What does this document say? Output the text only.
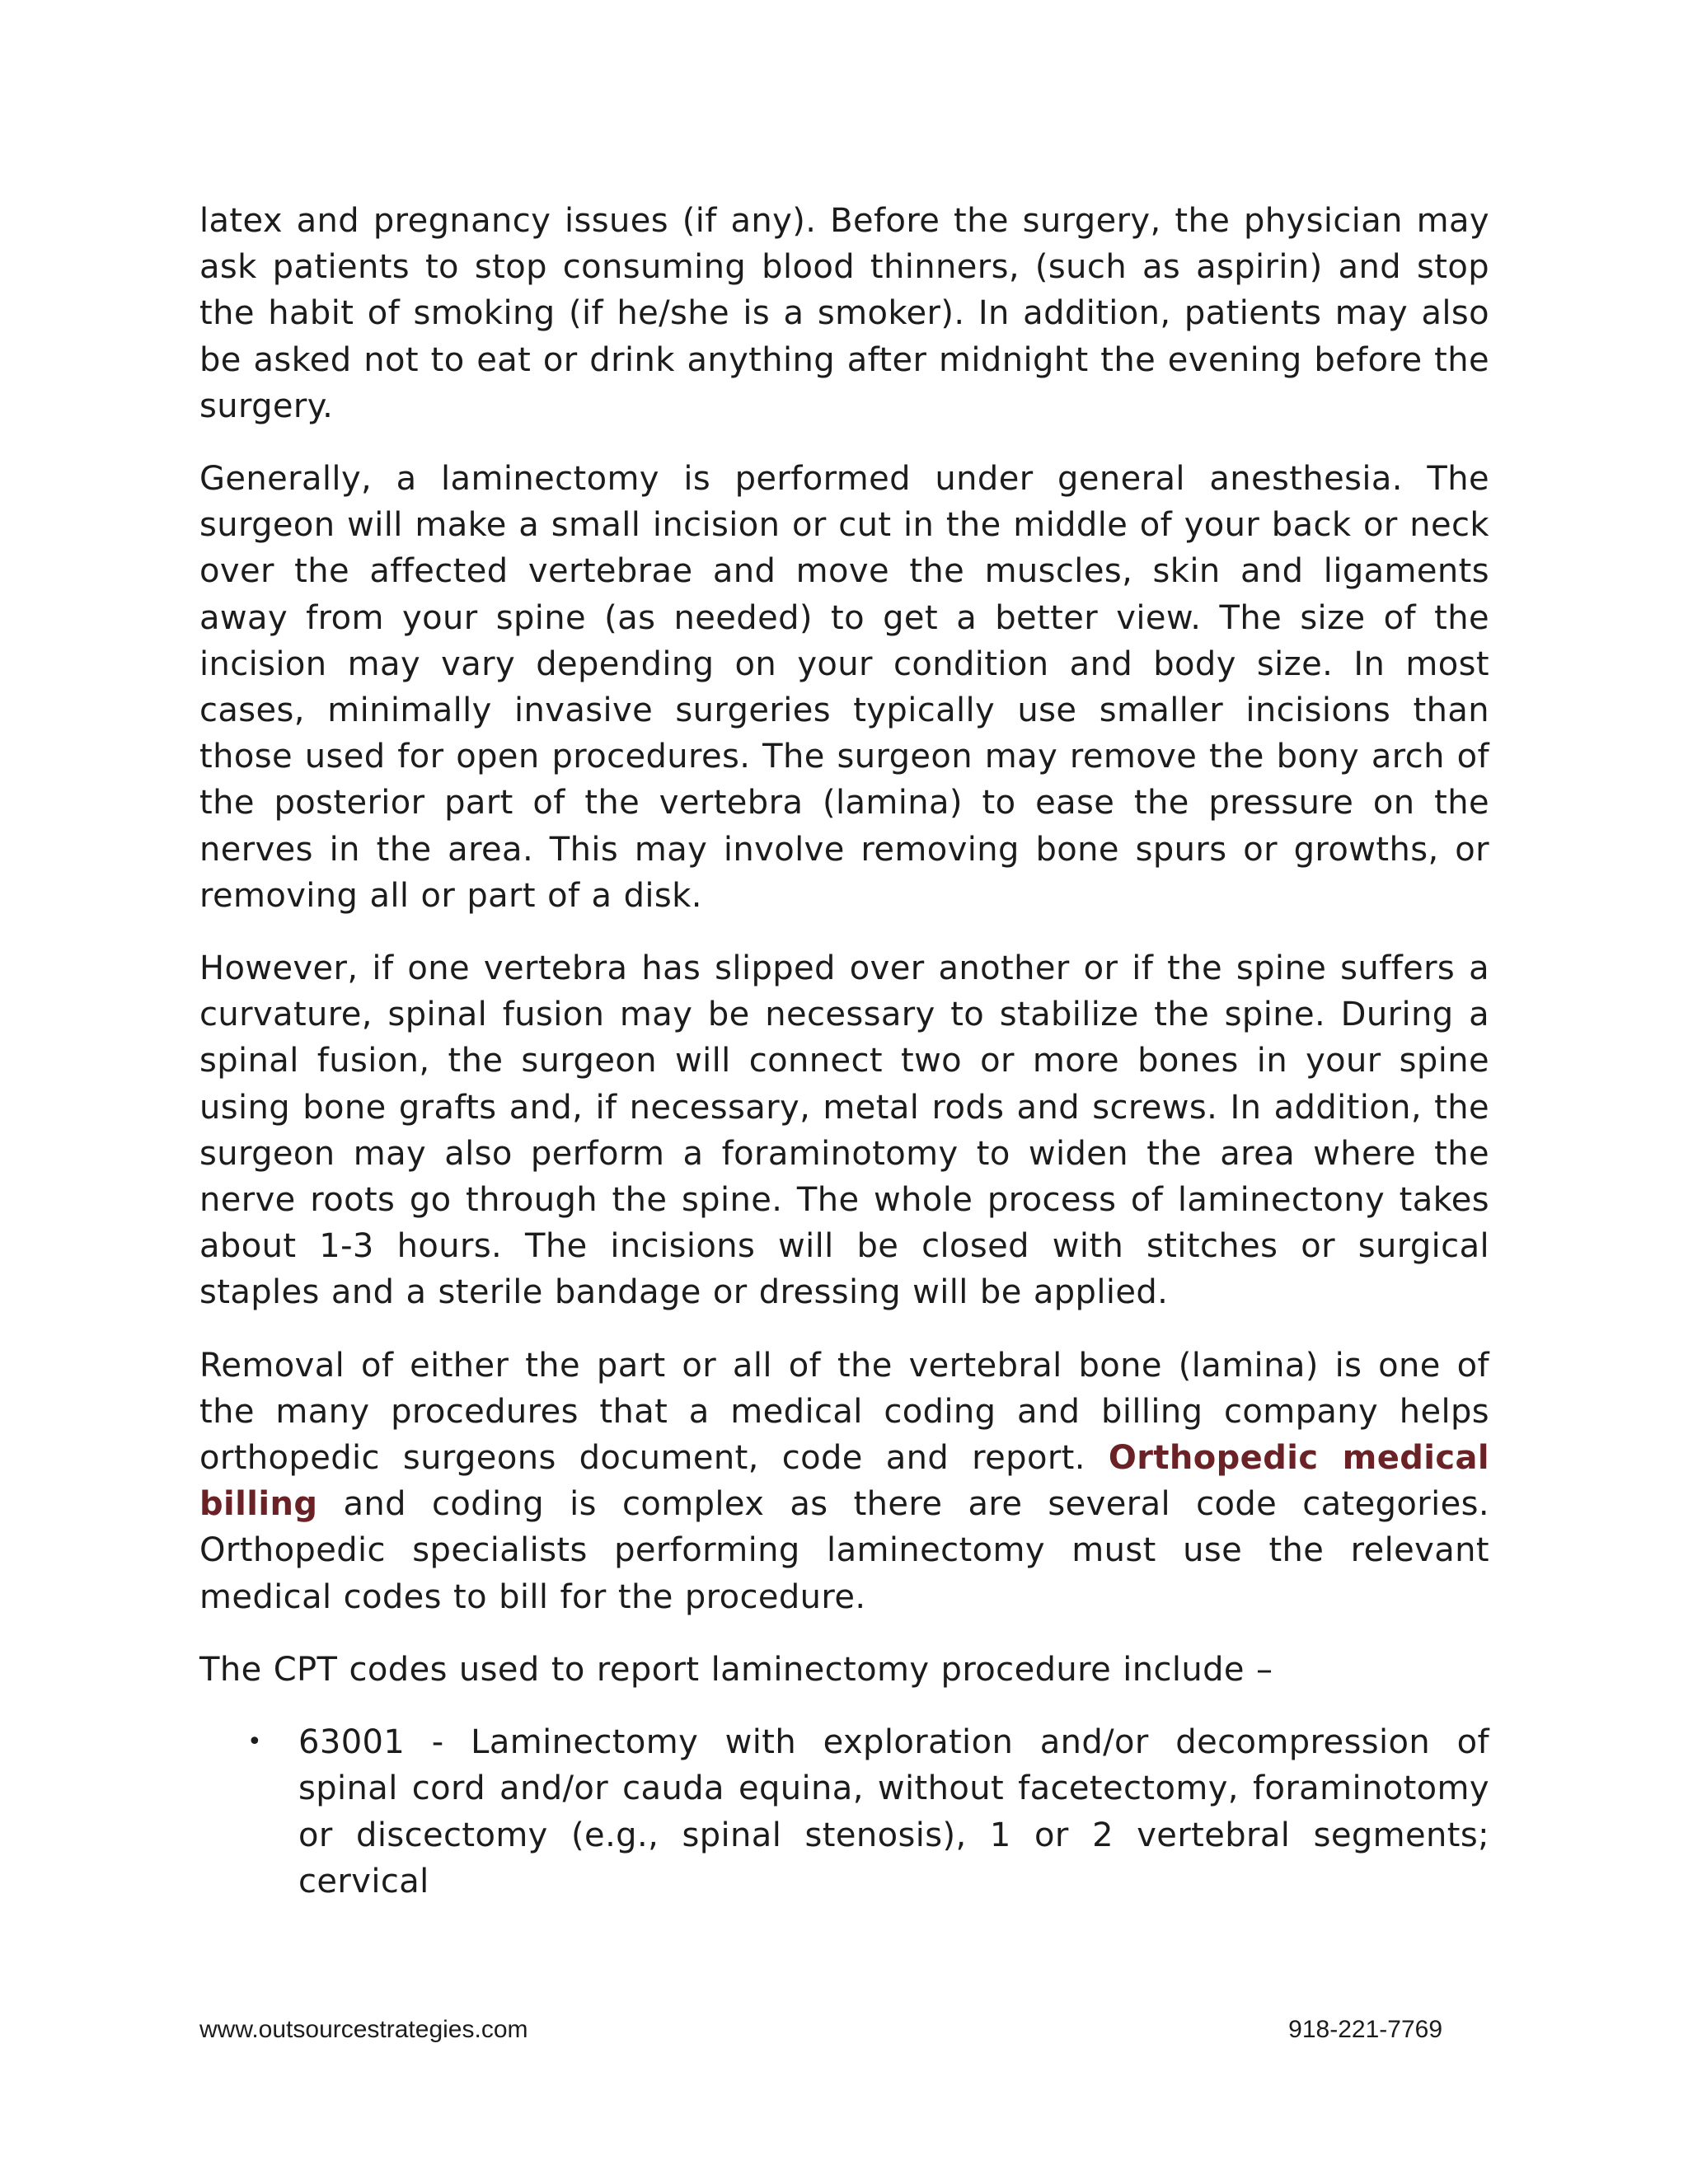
latex and pregnancy issues (if any). Before the surgery, the physician may ask patients to stop consuming blood thinners, (such as aspirin) and stop the habit of smoking (if he/she is a smoker). In addition, patients may also be asked not to eat or drink anything after midnight the evening before the surgery.

Generally, a laminectomy is performed under general anesthesia. The surgeon will make a small incision or cut in the middle of your back or neck over the affected vertebrae and move the muscles, skin and ligaments away from your spine (as needed) to get a better view. The size of the incision may vary depending on your condition and body size. In most cases, minimally invasive surgeries typically use smaller incisions than those used for open procedures. The surgeon may remove the bony arch of the posterior part of the vertebra (lamina) to ease the pressure on the nerves in the area. This may involve removing bone spurs or growths, or removing all or part of a disk.

However, if one vertebra has slipped over another or if the spine suffers a curvature, spinal fusion may be necessary to stabilize the spine. During a spinal fusion, the surgeon will connect two or more bones in your spine using bone grafts and, if necessary, metal rods and screws. In addition, the surgeon may also perform a foraminotomy to widen the area where the nerve roots go through the spine. The whole process of laminectony takes about 1-3 hours. The incisions will be closed with stitches or surgical staples and a sterile bandage or dressing will be applied.

Removal of either the part or all of the vertebral bone (lamina) is one of the many procedures that a medical coding and billing company helps orthopedic surgeons document, code and report. Orthopedic medical billing and coding is complex as there are several code categories. Orthopedic specialists performing laminectomy must use the relevant medical codes to bill for the procedure.

The CPT codes used to report laminectomy procedure include –

• 63001 - Laminectomy with exploration and/or decompression of spinal cord and/or cauda equina, without facetectomy, foraminotomy or discectomy (e.g., spinal stenosis), 1 or 2 vertebral segments; cervical
www.outsourcestrategies.com	918-221-7769
